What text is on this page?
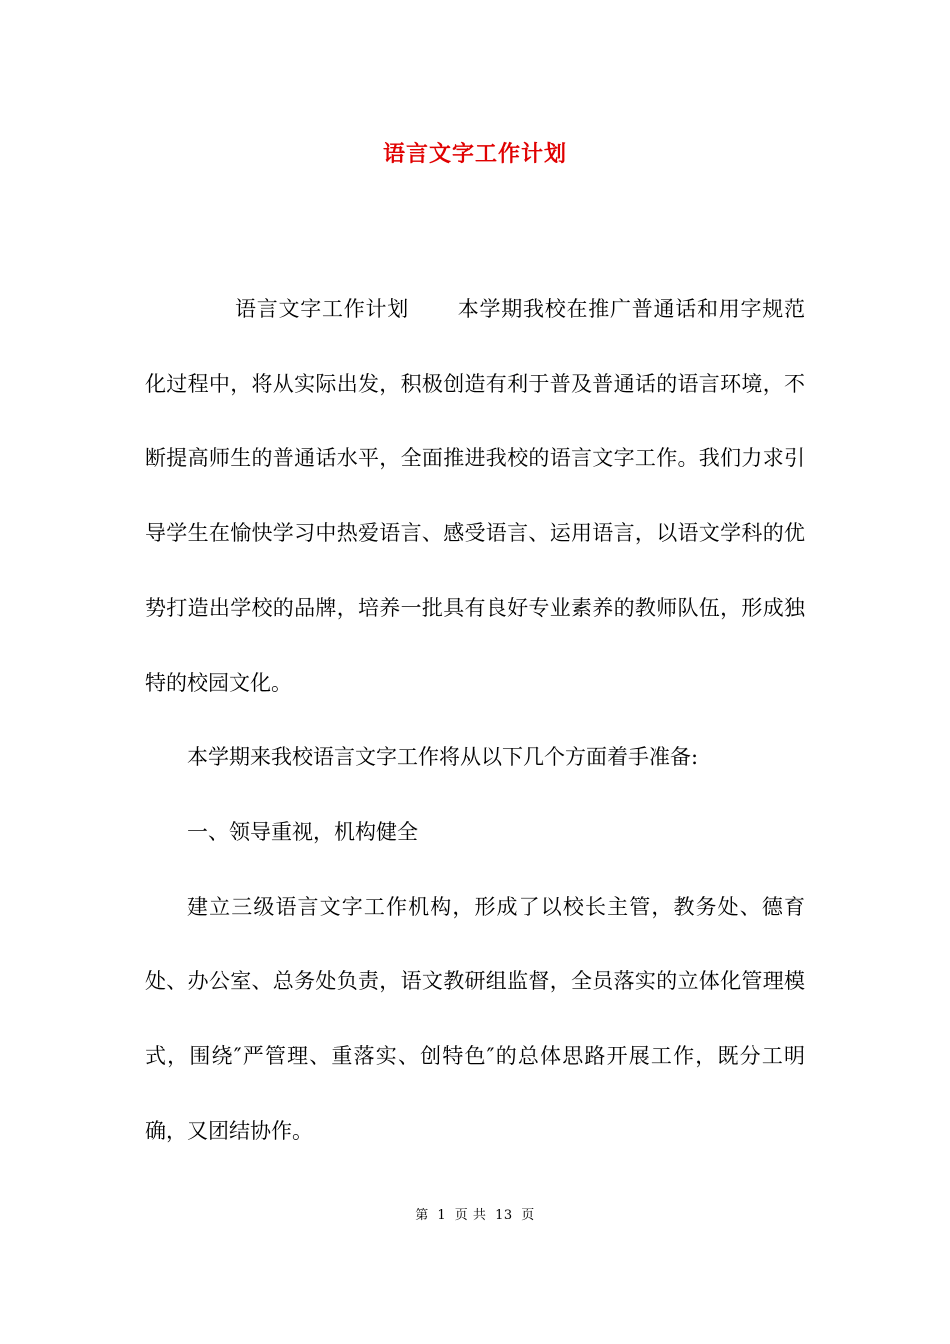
语言文字工作计划

语言文字工作计划 本学期我校在推广普通话和用字规范化过程中，将从实际出发，积极创造有利于普及普通话的语言环境，不断提高师生的普通话水平，全面推进我校的语言文字工作。我们力求引导学生在愉快学习中热爱语言、感受语言、运用语言，以语文学科的优势打造出学校的品牌，培养一批具有良好专业素养的教师队伍，形成独特的校园文化。

本学期来我校语言文字工作将从以下几个方面着手准备:

一、领导重视，机构健全

建立三级语言文字工作机构，形成了以校长主管，教务处、德育处、办公室、总务处负责，语文教研组监督，全员落实的立体化管理模式，围绕″严管理、重落实、创特色″的总体思路开展工作，既分工明确，又团结协作。

第 1 页 共 13 页
